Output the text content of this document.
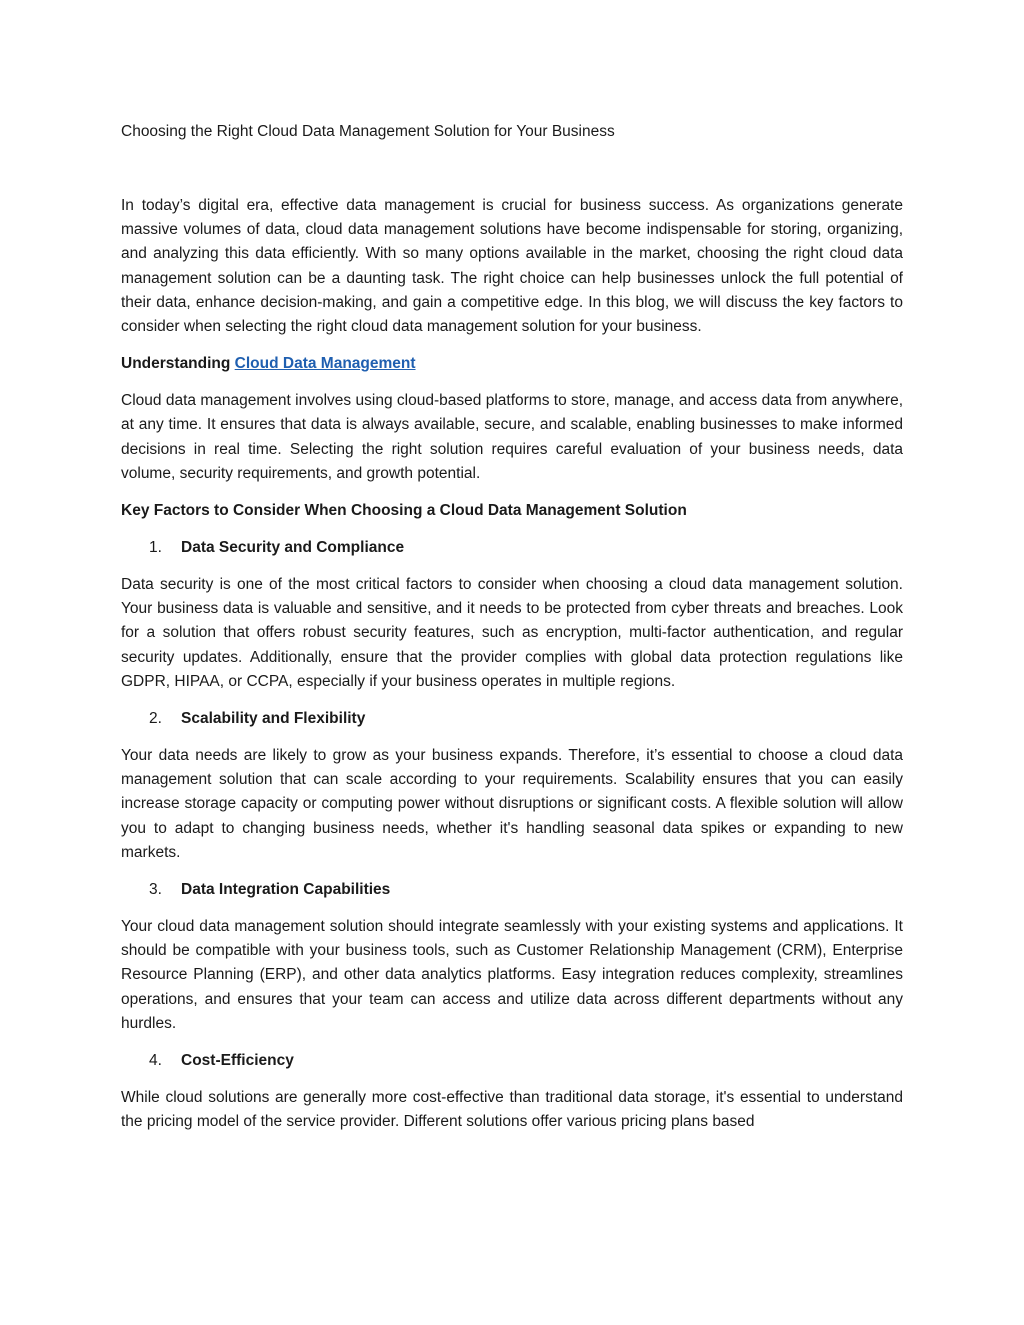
Choosing the Right Cloud Data Management Solution for Your Business

In today’s digital era, effective data management is crucial for business success. As organizations generate massive volumes of data, cloud data management solutions have become indispensable for storing, organizing, and analyzing this data efficiently. With so many options available in the market, choosing the right cloud data management solution can be a daunting task. The right choice can help businesses unlock the full potential of their data, enhance decision-making, and gain a competitive edge. In this blog, we will discuss the key factors to consider when selecting the right cloud data management solution for your business.

Understanding Cloud Data Management

Cloud data management involves using cloud-based platforms to store, manage, and access data from anywhere, at any time. It ensures that data is always available, secure, and scalable, enabling businesses to make informed decisions in real time. Selecting the right solution requires careful evaluation of your business needs, data volume, security requirements, and growth potential.

Key Factors to Consider When Choosing a Cloud Data Management Solution
1.	Data Security and Compliance

Data security is one of the most critical factors to consider when choosing a cloud data management solution. Your business data is valuable and sensitive, and it needs to be protected from cyber threats and breaches. Look for a solution that offers robust security features, such as encryption, multi-factor authentication, and regular security updates. Additionally, ensure that the provider complies with global data protection regulations like GDPR, HIPAA, or CCPA, especially if your business operates in multiple regions.

2.	Scalability and Flexibility

Your data needs are likely to grow as your business expands. Therefore, it’s essential to choose a cloud data management solution that can scale according to your requirements. Scalability ensures that you can easily increase storage capacity or computing power without disruptions or significant costs. A flexible solution will allow you to adapt to changing business needs, whether it's handling seasonal data spikes or expanding to new markets.

3.	Data Integration Capabilities

Your cloud data management solution should integrate seamlessly with your existing systems and applications. It should be compatible with your business tools, such as Customer Relationship Management (CRM), Enterprise Resource Planning (ERP), and other data analytics platforms. Easy integration reduces complexity, streamlines operations, and ensures that your team can access and utilize data across different departments without any hurdles.

4.	Cost-Efficiency

While cloud solutions are generally more cost-effective than traditional data storage, it's essential to understand the pricing model of the service provider. Different solutions offer various pricing plans based
